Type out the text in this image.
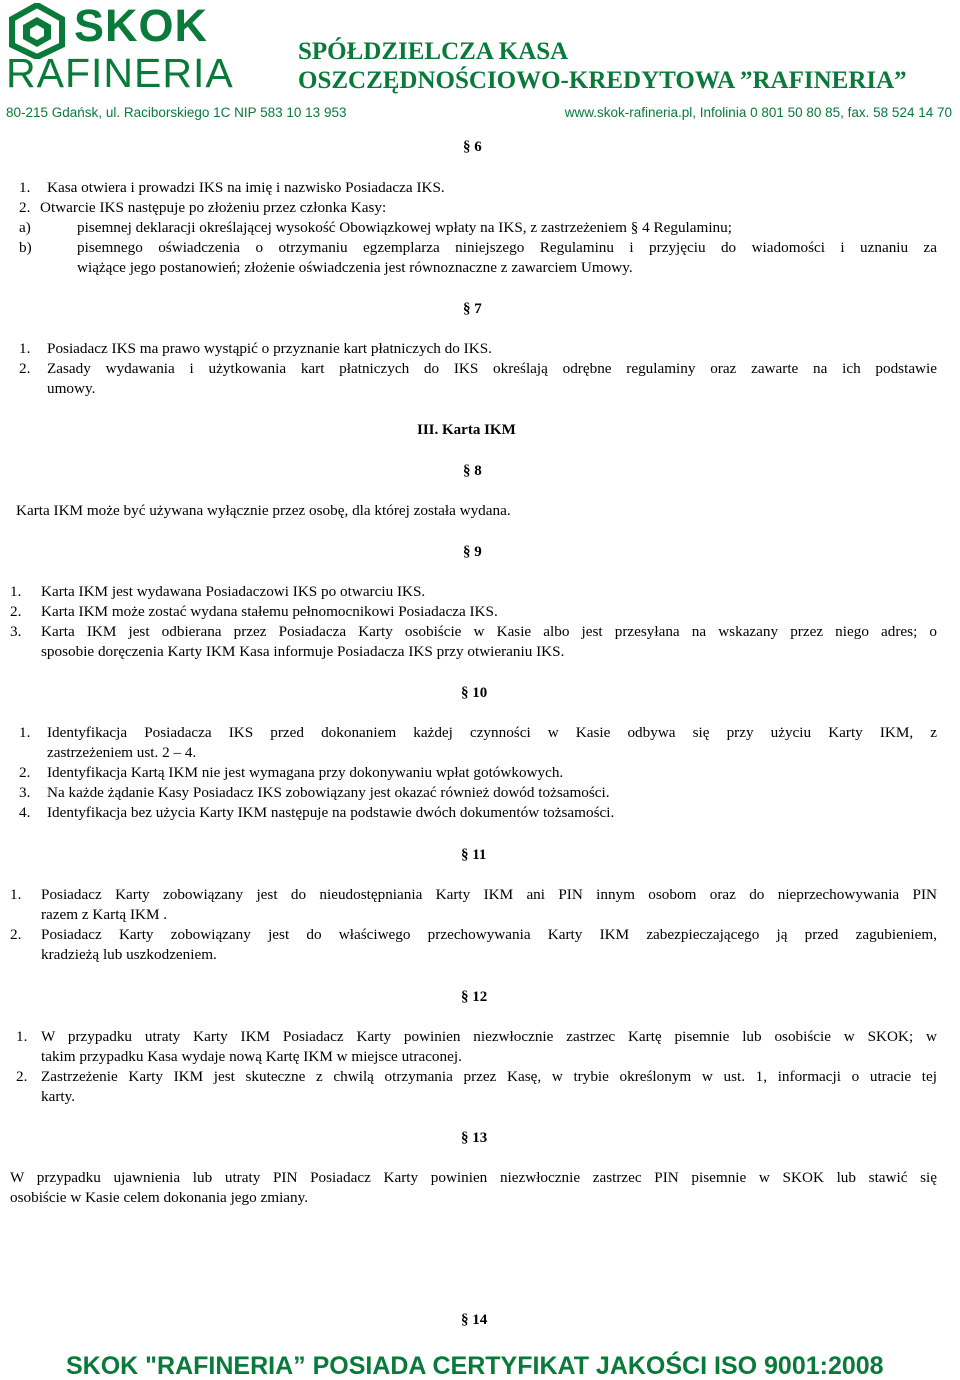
SKOK
RAFINERIA	SPÓŁDZIELCZA KASA
OSZCZĘDNOŚCIOWO-KREDYTOWA ”RAFINERIA”
80-215 Gdańsk, ul. Raciborskiego 1C NIP 583 10 13 953	www.skok-rafineria.pl, Infolinia 0 801 50 80 85, fax. 58 524 14 70
§ 6
1. Kasa otwiera i prowadzi IKS na imię i nazwisko Posiadacza IKS.
2. Otwarcie IKS następuje po złożeniu przez członka Kasy:
a)	pisemnej deklaracji określającej wysokość Obowiązkowej wpłaty na IKS, z zastrzeżeniem § 4 Regulaminu;
b)	pisemnego oświadczenia o otrzymaniu egzemplarza niniejszego Regulaminu i przyjęciu do wiadomości i uznaniu za
wiążące jego postanowień; złożenie oświadczenia jest równoznaczne z zawarciem Umowy.
§ 7
1. Posiadacz IKS ma prawo wystąpić o przyznanie kart płatniczych do IKS.
2. Zasady wydawania i użytkowania kart płatniczych do IKS określają odrębne regulaminy oraz zawarte na ich podstawie
umowy.
III. Karta IKM
§ 8
Karta IKM może być używana wyłącznie przez osobę, dla której została wydana.
§ 9
1. Karta IKM jest wydawana Posiadaczowi IKS po otwarciu IKS.
2. Karta IKM może zostać wydana stałemu pełnomocnikowi Posiadacza IKS.
3. Karta IKM jest odbierana przez Posiadacza Karty osobiście w Kasie albo jest przesyłana na wskazany przez niego adres; o
sposobie doręczenia Karty IKM Kasa informuje Posiadacza IKS przy otwieraniu IKS.
§ 10
1. Identyfikacja Posiadacza IKS przed dokonaniem każdej czynności w Kasie odbywa się przy użyciu Karty IKM, z
zastrzeżeniem ust. 2 – 4.
2. Identyfikacja Kartą IKM nie jest wymagana przy dokonywaniu wpłat gotówkowych.
3. Na każde żądanie Kasy Posiadacz IKS zobowiązany jest okazać również dowód tożsamości.
4. Identyfikacja bez użycia Karty IKM następuje na podstawie dwóch dokumentów tożsamości.
§ 11
1. Posiadacz Karty zobowiązany jest do nieudostępniania Karty IKM ani PIN innym osobom oraz do nieprzechowywania PIN
razem z Kartą IKM .
2. Posiadacz Karty zobowiązany jest do właściwego przechowywania Karty IKM zabezpieczającego ją przed zagubieniem,
kradzieżą lub uszkodzeniem.
§ 12
1. W przypadku utraty Karty IKM Posiadacz Karty powinien niezwłocznie zastrzec Kartę pisemnie lub osobiście w SKOK; w
takim przypadku Kasa wydaje nową Kartę IKM w miejsce utraconej.
2. Zastrzeżenie Karty IKM jest skuteczne z chwilą otrzymania przez Kasę, w trybie określonym w ust. 1, informacji o utracie tej
karty.
§ 13
W przypadku ujawnienia lub utraty PIN Posiadacz Karty powinien niezwłocznie zastrzec PIN pisemnie w SKOK lub stawić się
osobiście w Kasie celem dokonania jego zmiany.
§ 14
SKOK "RAFINERIA” POSIADA CERTYFIKAT JAKOŚCI ISO 9001:2008
